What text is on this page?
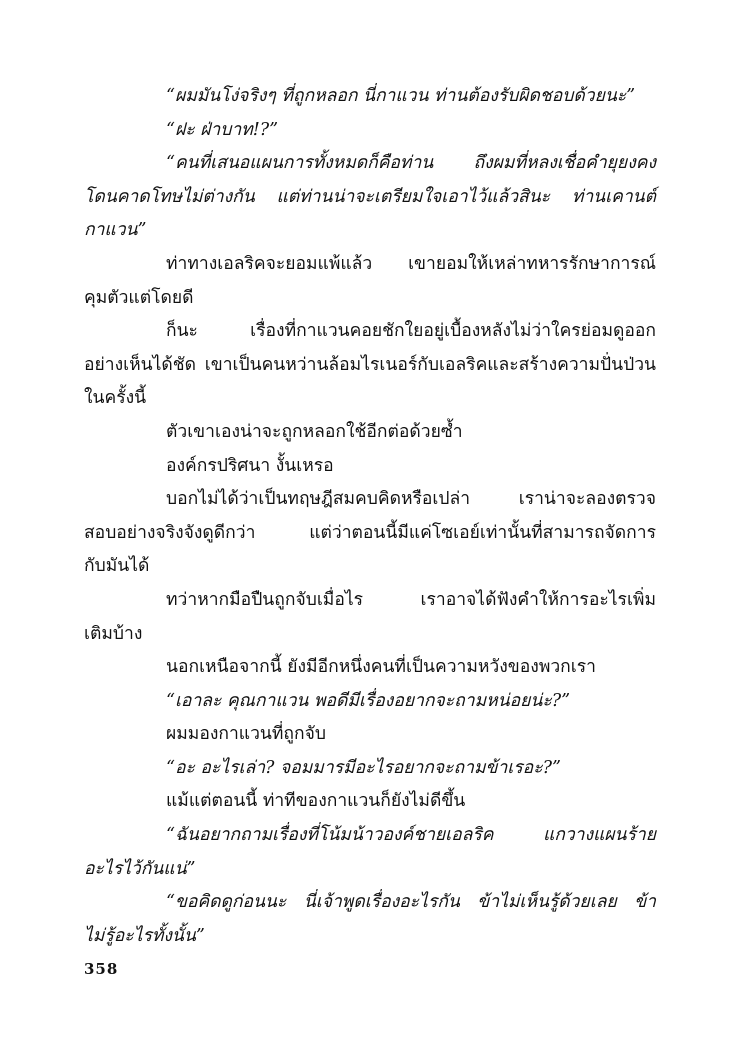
“ผมมันโง่จริงๆ ที่ถูกหลอก นี่กาแวน ท่านต้องรับผิดชอบด้วยนะ”
“ฝะ ฝ่าบาท!?”
“คนที่เสนอแผนการทั้งหมดก็คือท่าน ถึงผมที่หลงเชื่อคำยุยงคง
โดนคาดโทษไม่ต่างกัน แต่ท่านน่าจะเตรียมใจเอาไว้แล้วสินะ ท่านเคานต์
กาแวน”
ท่าทางเอลริคจะยอมแพ้แล้ว เขายอมให้เหล่าทหารรักษาการณ์
คุมตัวแต่โดยดี
ก็นะ เรื่องที่กาแวนคอยชักใยอยู่เบื้องหลังไม่ว่าใครย่อมดูออก
อย่างเห็นได้ชัด เขาเป็นคนหว่านล้อมไรเนอร์กับเอลริคและสร้างความปั่นป่วน
ในครั้งนี้
ตัวเขาเองน่าจะถูกหลอกใช้อีกต่อด้วยซ้ำ
องค์กรปริศนา งั้นเหรอ
บอกไม่ได้ว่าเป็นทฤษฎีสมคบคิดหรือเปล่า เราน่าจะลองตรวจ
สอบอย่างจริงจังดูดีกว่า แต่ว่าตอนนี้มีแค่โซเอย์เท่านั้นที่สามารถจัดการ
กับมันได้
ทว่าหากมือปืนถูกจับเมื่อไร เราอาจได้ฟังคำให้การอะไรเพิ่ม
เติมบ้าง
นอกเหนือจากนี้ ยังมีอีกหนึ่งคนที่เป็นความหวังของพวกเรา
“เอาละ คุณกาแวน พอดีมีเรื่องอยากจะถามหน่อยน่ะ?”
ผมมองกาแวนที่ถูกจับ
“อะ อะไรเล่า? จอมมารมีอะไรอยากจะถามข้าเรอะ?”
แม้แต่ตอนนี้ ท่าทีของกาแวนก็ยังไม่ดีขึ้น
“ฉันอยากถามเรื่องที่โน้มน้าวองค์ชายเอลริค แกวางแผนร้าย
อะไรไว้กันแน่”
“ขอคิดดูก่อนนะ นี่เจ้าพูดเรื่องอะไรกัน ข้าไม่เห็นรู้ด้วยเลย ข้า
ไม่รู้อะไรทั้งนั้น”
358
